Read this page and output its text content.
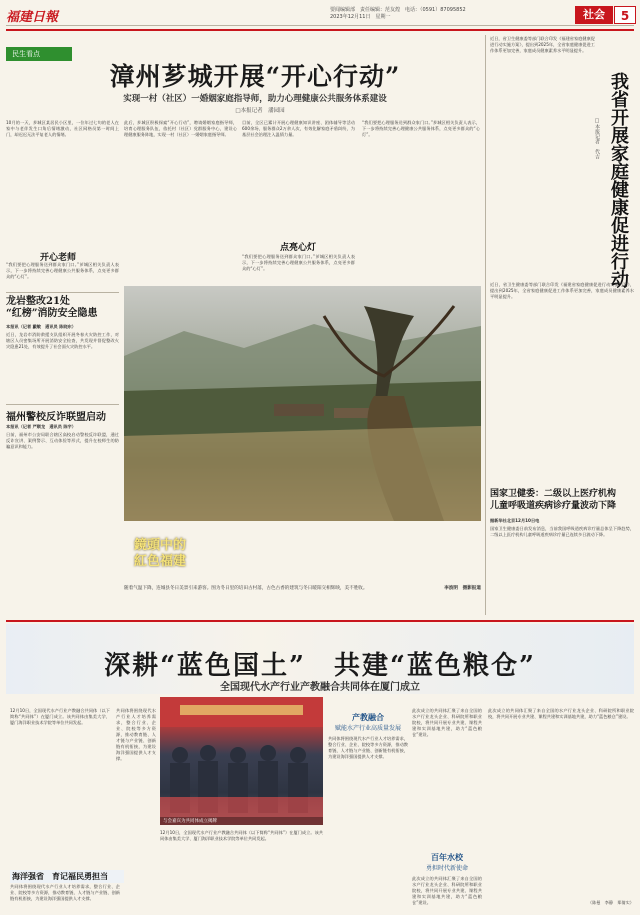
福建日報	要闻编辑部　责任编辑：范友煌　电话：（0591）87095852
2023年12月11日　星期一	社会	5
民生看点
漳州芗城开展“开心行动”
实现一村（社区）一婚姻家庭指导师，助力心理健康公共服务体系建设
□本报记者　潘园园
10月的一天，芗城区某居民小区里，一位年过七旬的老人在家中与老伴发生口角后情绪激动，社区网格员第一时间上门，却迟迟无法平复老人的情绪。
开心老师
“我们要把心理服务送到群众家门口。”芗城区相关负责人表示，下一步将持续完善心理健康公共服务体系，点亮更多群众的“心灯”。
此后，芗城区积极探索“开心行动”，聘请婚姻家庭指导师，培育心理服务队伍，依托村（社区）党群服务中心，建设心理健康服务阵地，实现一村（社区）一婚姻家庭指导师。
目前，全区已累计开展心理健康知识讲座、团体辅导等活动600余场，服务群众2万余人次，有效化解家庭矛盾纠纷，为基层社会治理注入温情力量。
点亮心灯
“我们要把心理服务送到群众家门口。”芗城区相关负责人表示，下一步将持续完善心理健康公共服务体系，点亮更多群众的“心灯”。
“我们要把心理服务送到群众家门口。”芗城区相关负责人表示，下一步将持续完善心理健康公共服务体系，点亮更多群众的“心灯”。
龙岩整改21处
“红榜”消防安全隐患
本报讯（记者 戴敏　通讯员 陈晓东）
近日，龙岩市消防救援支队组织开展冬春火灾防控工作，对辖区人员密集场所开展消防安全检查，共发现并督促整改火灾隐患21处，有效提升了社会面火灾防控水平。
福州警校反诈联盟启动
本报讯（记者 严顺龙　通讯员 陈宇）
日前，福州市公安局联合辖区高校启动警校反诈联盟，通过反诈宣讲、案例警示、互动体验等形式，提升在校师生的防骗意识和能力。
鏡頭中的
紅色福建
随着气温下降，连城县冬日美景引来游客。图为冬日里的培田古村落，古色古香的建筑与冬日暖阳交相辉映，美不胜收。	李波明　摄影报道
近日，省卫生健康委等部门联合印发《福建省家庭健康促进行动实施方案》，提出到2025年，全省家庭健康促进工作体系更加完善，家庭成员健康素养水平明显提升。
我省开展家庭健康促进行动
□本报记者　代吉
近日，省卫生健康委等部门联合印发《福建省家庭健康促进行动实施方案》，提出到2025年，全省家庭健康促进工作体系更加完善，家庭成员健康素养水平明显提升。
国家卫健委：二级以上医疗机构
儿童呼吸道疾病诊疗量波动下降
据新华社北京12月10日电
国家卫生健康委日前发布消息，当前我国呼吸道疾病诊疗量总体呈下降趋势，二级以上医疗机构儿童呼吸道疾病诊疗量已连续多日波动下降。
深耕“蓝色国土”　共建“蓝色粮仓”
全国现代水产行业产教融合共同体在厦门成立
12月10日，全国现代水产行业产教融合共同体（以下简称“共同体”）在厦门成立。该共同体由集美大学、厦门海洋职业技术学院等单位共同发起。
海洋强省　育记福民勇担当
共同体将围绕现代水产行业人才培养需求，整合行业、企业、院校等多方资源，推动教育链、人才链与产业链、创新链有机衔接，为建设海洋强国提供人才支撑。
共同体将围绕现代水产行业人才培养需求，整合行业、企业、院校等多方资源，推动教育链、人才链与产业链、创新链有机衔接，为建设海洋强国提供人才支撑。
与会嘉宾为共同体成立揭牌
12月10日，全国现代水产行业产教融合共同体（以下简称“共同体”）在厦门成立。该共同体由集美大学、厦门海洋职业技术学院等单位共同发起。
产教融合
赋能水产行业高质量发展
共同体将围绕现代水产行业人才培养需求，整合行业、企业、院校等多方资源，推动教育链、人才链与产业链、创新链有机衔接，为建设海洋强国提供人才支撑。
此次成立的共同体汇聚了来自全国的水产行业龙头企业、科研院所和职业院校，将共同开展专业共建、课程共建和实训基地共建，助力“蓝色粮仓”建设。
百年水校
勇担时代新使命
此次成立的共同体汇聚了来自全国的水产行业龙头企业、科研院所和职业院校，将共同开展专业共建、课程共建和实训基地共建，助力“蓝色粮仓”建设。
此次成立的共同体汇聚了来自全国的水产行业龙头企业、科研院所和职业院校，将共同开展专业共建、课程共建和实训基地共建，助力“蓝色粮仓”建设。
（陈曼　李静　郑倩实）
